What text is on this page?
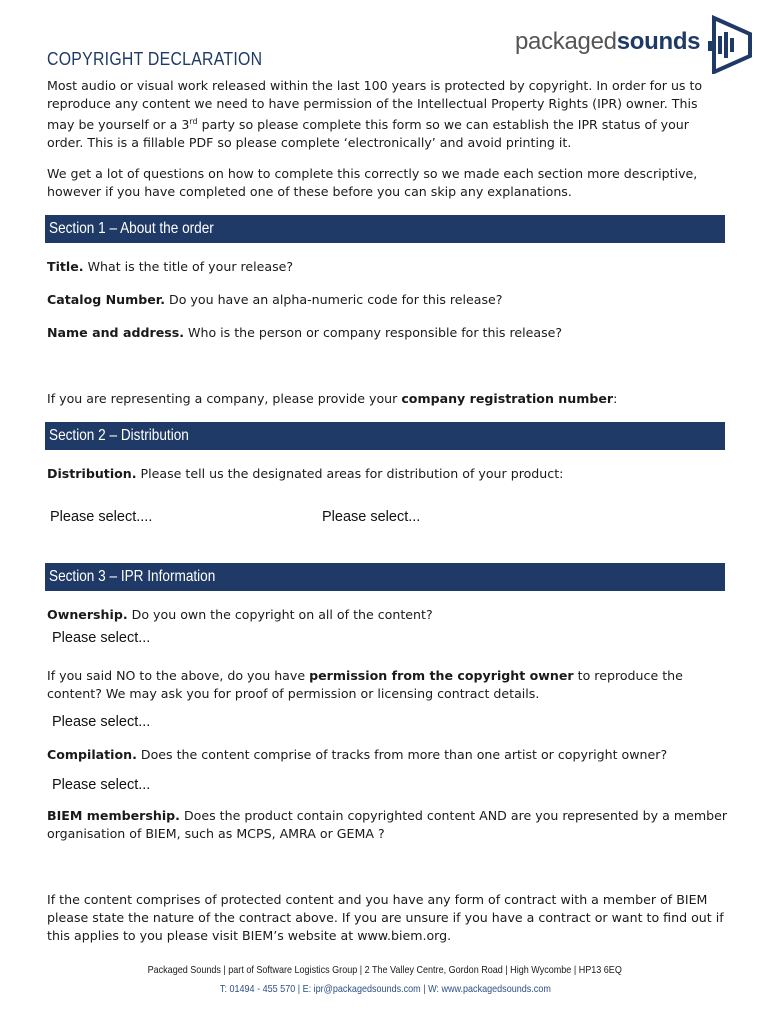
COPYRIGHT DECLARATION
packagedsounds
Most audio or visual work released within the last 100 years is protected by copyright. In order for us to reproduce any content we need to have permission of the Intellectual Property Rights (IPR) owner. This may be yourself or a 3rd party so please complete this form so we can establish the IPR status of your order. This is a fillable PDF so please complete ‘electronically’ and avoid printing it.
We get a lot of questions on how to complete this correctly so we made each section more descriptive, however if you have completed one of these before you can skip any explanations.
Section 1 – About the order
Title. What is the title of your release?
Catalog Number. Do you have an alpha-numeric code for this release?
Name and address. Who is the person or company responsible for this release?
If you are representing a company, please provide your company registration number:
Section 2 – Distribution
Distribution. Please tell us the designated areas for distribution of your product:
Please select....	Please select...
Section 3 – IPR Information
Ownership. Do you own the copyright on all of the content?
Please select...
If you said NO to the above, do you have permission from the copyright owner to reproduce the content? We may ask you for proof of permission or licensing contract details.
Please select...
Compilation. Does the content comprise of tracks from more than one artist or copyright owner?
Please select...
BIEM membership. Does the product contain copyrighted content AND are you represented by a member organisation of BIEM, such as MCPS, AMRA or GEMA ?
If the content comprises of protected content and you have any form of contract with a member of BIEM please state the nature of the contract above. If you are unsure if you have a contract or want to find out if this applies to you please visit BIEM’s website at www.biem.org.
Packaged Sounds | part of Software Logistics Group | 2 The Valley Centre, Gordon Road | High Wycombe | HP13 6EQ
T: 01494 - 455 570 | E: ipr@packagedsounds.com | W: www.packagedsounds.com
